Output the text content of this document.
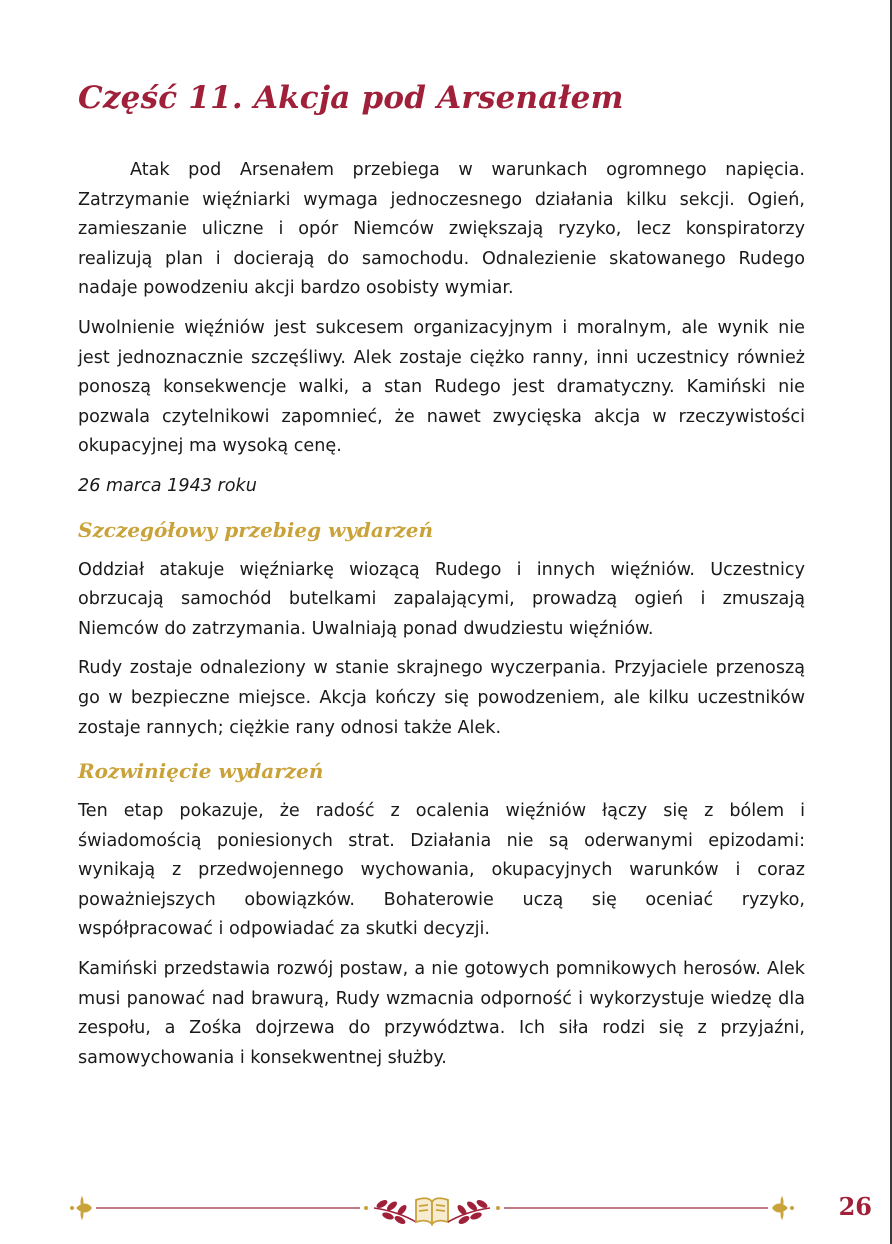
Część 11. Akcja pod Arsenałem

Atak pod Arsenałem przebiega w warunkach ogromnego napięcia. Zatrzymanie więźniarki wymaga jednoczesnego działania kilku sekcji. Ogień, zamieszanie uliczne i opór Niemców zwiększają ryzyko, lecz konspiratorzy realizują plan i docierają do samochodu. Odnalezienie skatowanego Rudego nadaje powodzeniu akcji bardzo osobisty wymiar.

Uwolnienie więźniów jest sukcesem organizacyjnym i moralnym, ale wynik nie jest jednoznacznie szczęśliwy. Alek zostaje ciężko ranny, inni uczestnicy również ponoszą konsekwencje walki, a stan Rudego jest dramatyczny. Kamiński nie pozwala czytelnikowi zapomnieć, że nawet zwycięska akcja w rzeczywistości okupacyjnej ma wysoką cenę.

26 marca 1943 roku

Szczegółowy przebieg wydarzeń

Oddział atakuje więźniarkę wiozącą Rudego i innych więźniów. Uczestnicy obrzucają samochód butelkami zapalającymi, prowadzą ogień i zmuszają Niemców do zatrzymania. Uwalniają ponad dwudziestu więźniów.

Rudy zostaje odnaleziony w stanie skrajnego wyczerpania. Przyjaciele przenoszą go w bezpieczne miejsce. Akcja kończy się powodzeniem, ale kilku uczestników zostaje rannych; ciężkie rany odnosi także Alek.

Rozwinięcie wydarzeń

Ten etap pokazuje, że radość z ocalenia więźniów łączy się z bólem i świadomością poniesionych strat. Działania nie są oderwanymi epizodami: wynikają z przedwojennego wychowania, okupacyjnych warunków i coraz poważniejszych obowiązków. Bohaterowie uczą się oceniać ryzyko, współpracować i odpowiadać za skutki decyzji.

Kamiński przedstawia rozwój postaw, a nie gotowych pomnikowych herosów. Alek musi panować nad brawurą, Rudy wzmacnia odporność i wykorzystuje wiedzę dla zespołu, a Zośka dojrzewa do przywództwa. Ich siła rodzi się z przyjaźni, samowychowania i konsekwentnej służby.

26
